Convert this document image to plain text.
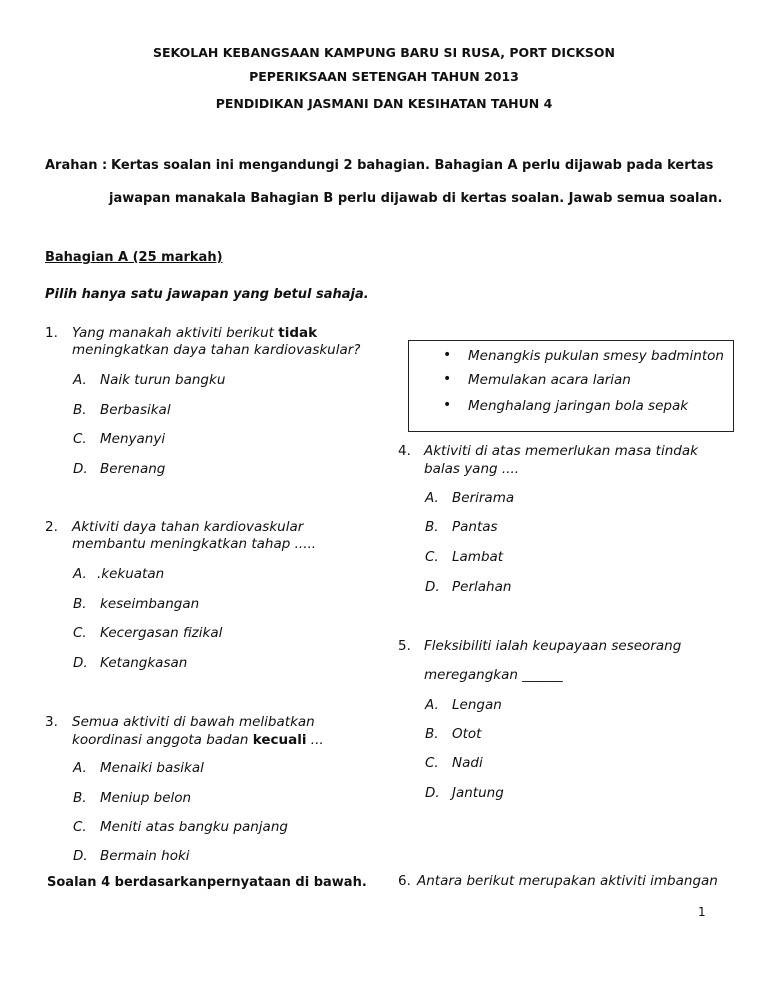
SEKOLAH KEBANGSAAN KAMPUNG BARU SI RUSA, PORT DICKSON
PEPERIKSAAN SETENGAH TAHUN 2013
PENDIDIKAN JASMANI DAN KESIHATAN TAHUN 4
Arahan : Kertas soalan ini mengandungi 2 bahagian. Bahagian A perlu dijawab pada kertas
jawapan manakala Bahagian B perlu dijawab di kertas soalan. Jawab semua soalan.
Bahagian A (25 markah)
Pilih hanya satu jawapan yang betul sahaja.
1. Yang manakah aktiviti berikut tidak
meningkatkan daya tahan kardiovaskular?
A. Naik turun bangku
B. Berbasikal
C. Menyanyi
D. Berenang
2. Aktiviti daya tahan kardiovaskular
membantu meningkatkan tahap .....
A. .kekuatan
B. keseimbangan
C. Kecergasan fizikal
D. Ketangkasan
3. Semua aktiviti di bawah melibatkan
koordinasi anggota badan kecuali ...
A. Menaiki basikal
B. Meniup belon
C. Meniti atas bangku panjang
D. Bermain hoki
Soalan 4 berdasarkanpernyataan di bawah.
• Menangkis pukulan smesy badminton
• Memulakan acara larian
• Menghalang jaringan bola sepak
4. Aktiviti di atas memerlukan masa tindak
balas yang ....
A. Berirama
B. Pantas
C. Lambat
D. Perlahan
5. Fleksibiliti ialah keupayaan seseorang
meregangkan ______
A. Lengan
B. Otot
C. Nadi
D. Jantung
6. Antara berikut merupakan aktiviti imbangan
1
